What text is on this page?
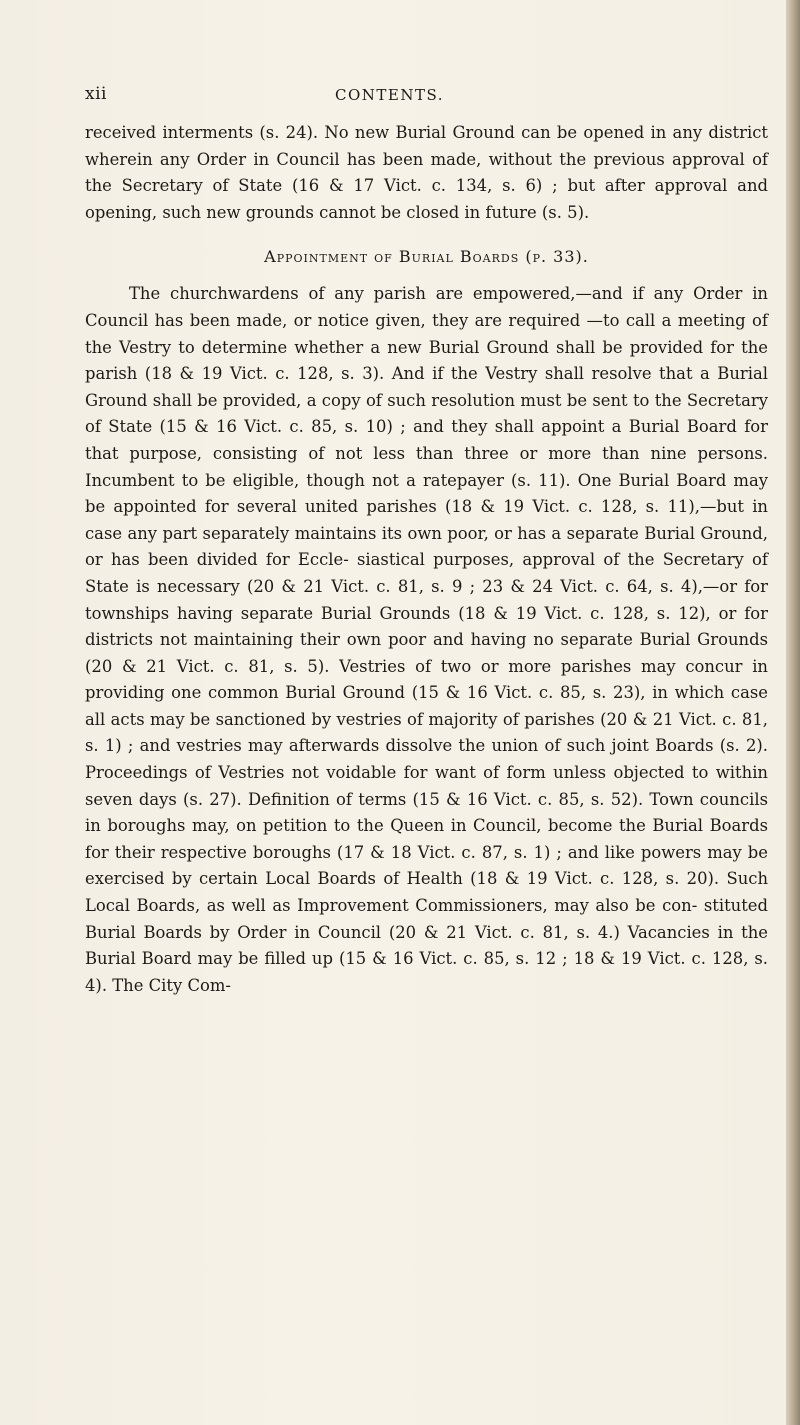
xii	CONTENTS.

received interments (s. 24). No new Burial Ground can be opened in any district wherein any Order in Council has been made, without the previous approval of the Secretary of State (16 & 17 Vict. c. 134, s. 6) ; but after approval and opening, such new grounds cannot be closed in future (s. 5).

Appointment of Burial Boards (p. 33).

The churchwardens of any parish are empowered,—and if any Order in Council has been made, or notice given, they are required —to call a meeting of the Vestry to determine whether a new Burial Ground shall be provided for the parish (18 & 19 Vict. c. 128, s. 3). And if the Vestry shall resolve that a Burial Ground shall be provided, a copy of such resolution must be sent to the Secretary of State (15 & 16 Vict. c. 85, s. 10) ; and they shall appoint a Burial Board for that purpose, consisting of not less than three or more than nine persons. Incumbent to be eligible, though not a ratepayer (s. 11). One Burial Board may be appointed for several united parishes (18 & 19 Vict. c. 128, s. 11),—but in case any part separately maintains its own poor, or has a separate Burial Ground, or has been divided for Eccle- siastical purposes, approval of the Secretary of State is necessary (20 & 21 Vict. c. 81, s. 9 ; 23 & 24 Vict. c. 64, s. 4),—or for townships having separate Burial Grounds (18 & 19 Vict. c. 128, s. 12), or for districts not maintaining their own poor and having no separate Burial Grounds (20 & 21 Vict. c. 81, s. 5). Vestries of two or more parishes may concur in providing one common Burial Ground (15 & 16 Vict. c. 85, s. 23), in which case all acts may be sanctioned by vestries of majority of parishes (20 & 21 Vict. c. 81, s. 1) ; and vestries may afterwards dissolve the union of such joint Boards (s. 2). Proceedings of Vestries not voidable for want of form unless objected to within seven days (s. 27). Definition of terms (15 & 16 Vict. c. 85, s. 52). Town councils in boroughs may, on petition to the Queen in Council, become the Burial Boards for their respective boroughs (17 & 18 Vict. c. 87, s. 1) ; and like powers may be exercised by certain Local Boards of Health (18 & 19 Vict. c. 128, s. 20). Such Local Boards, as well as Improvement Commissioners, may also be con- stituted Burial Boards by Order in Council (20 & 21 Vict. c. 81, s. 4.) Vacancies in the Burial Board may be filled up (15 & 16 Vict. c. 85, s. 12 ; 18 & 19 Vict. c. 128, s. 4). The City Com-
